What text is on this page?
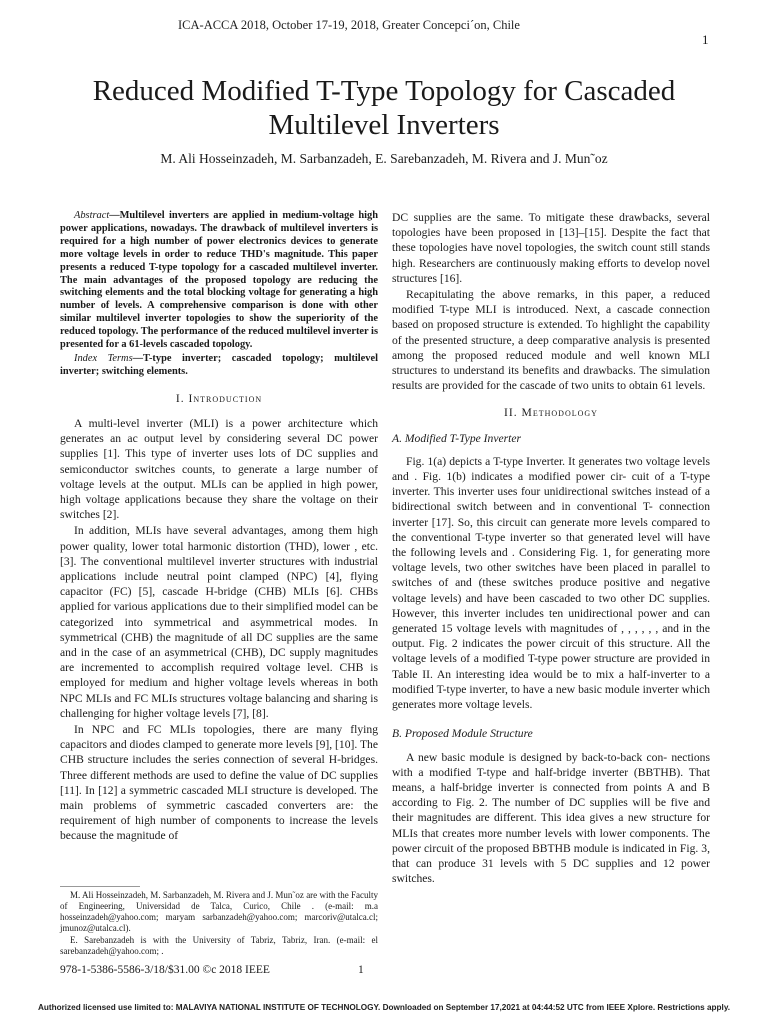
ICA-ACCA 2018, October 17-19, 2018, Greater Concepci´on, Chile
1
Reduced Modified T-Type Topology for Cascaded Multilevel Inverters
M. Ali Hosseinzadeh, M. Sarbanzadeh, E. Sarebanzadeh, M. Rivera and J. Mun˜oz

Abstract—Multilevel inverters are applied in medium-voltage high power applications, nowadays. The drawback of multilevel inverters is required for a high number of power electronics devices to generate more voltage levels in order to reduce THD's magnitude. This paper presents a reduced T-type topology for a cascaded multilevel inverter. The main advantages of the proposed topology are reducing the switching elements and the total blocking voltage for generating a high number of levels. A comprehensive comparison is done with other similar multilevel inverter topologies to show the superiority of the reduced topology. The performance of the reduced multilevel inverter is presented for a 61-levels cascaded topology.

Index Terms—T-type inverter; cascaded topology; multilevel inverter; switching elements.

I. Introduction

A multi-level inverter (MLI) is a power architecture which generates an ac output level by considering several DC power supplies [1]. This type of inverter uses lots of DC supplies and semiconductor switches counts, to generate a large number of voltage levels at the output. MLIs can be applied in high power, high voltage applications because they share the voltage on their switches [2].

In addition, MLIs have several advantages, among them high power quality, lower total harmonic distortion (THD), lower , etc. [3]. The conventional multilevel inverter structures with industrial applications include neutral point clamped (NPC) [4], flying capacitor (FC) [5], cascade H-bridge (CHB) MLIs [6]. CHBs applied for various applications due to their simplified model can be categorized into symmetrical and asymmetrical modes. In symmetrical (CHB) the magnitude of all DC supplies are the same and in the case of an asymmetrical (CHB), DC supply magnitudes are incremented to accomplish required voltage level. CHB is employed for medium and higher voltage levels whereas in both NPC MLIs and FC MLIs structures voltage balancing and sharing is challenging for higher voltage levels [7], [8].

In NPC and FC MLIs topologies, there are many flying capacitors and diodes clamped to generate more levels [9], [10]. The CHB structure includes the series connection of several H-bridges. Three different methods are used to define the value of DC supplies [11]. In [12] a symmetric cascaded MLI structure is developed. The main problems of symmetric cascaded converters are: the requirement of high number of components to increase the levels because the magnitude of

DC supplies are the same. To mitigate these drawbacks, several topologies have been proposed in [13]–[15]. Despite the fact that these topologies have novel topologies, the switch count still stands high. Researchers are continuously making efforts to develop novel structures [16].

Recapitulating the above remarks, in this paper, a reduced modified T-type MLI is introduced. Next, a cascade connection based on proposed structure is extended. To highlight the capability of the presented structure, a deep comparative analysis is presented among the proposed reduced module and well known MLI structures to understand its benefits and drawbacks. The simulation results are provided for the cascade of two units to obtain 61 levels.

II. Methodology
A. Modified T-Type Inverter

Fig. 1(a) depicts a T-type Inverter. It generates two voltage levels and . Fig. 1(b) indicates a modified power cir- cuit of a T-type inverter. This inverter uses four unidirectional switches instead of a bidirectional switch between and in conventional T- connection inverter [17]. So, this circuit can generate more levels compared to the conventional T-type inverter so that generated level will have the following levels and . Considering Fig. 1, for generating more voltage levels, two other switches have been placed in parallel to switches of and (these switches produce positive and negative voltage levels) and have been cascaded to two other DC supplies. However, this inverter includes ten unidirectional power and can generated 15 voltage levels with magnitudes of , , , , , , and in the output. Fig. 2 indicates the power circuit of this structure. All the voltage levels of a modified T-type power structure are provided in Table II. An interesting idea would be to mix a half-inverter to a modified T-type inverter, to have a new basic module inverter which generates more voltage levels.

B. Proposed Module Structure

A new basic module is designed by back-to-back con- nections with a modified T-type and half-bridge inverter (BBTHB). That means, a half-bridge inverter is connected from points A and B according to Fig. 2. The number of DC supplies will be five and their magnitudes are different. This idea gives a new structure for MLIs that creates more number levels with lower components. The power circuit of the proposed BBTHB module is indicated in Fig. 3, that can produce 31 levels with 5 DC supplies and 12 power switches.

M. Ali Hosseinzadeh, M. Sarbanzadeh, M. Rivera and J. Mun˜oz are with the Faculty of Engineering, Universidad de Talca, Curico, Chile . (e-mail: m.a hosseinzadeh@yahoo.com; maryam sarbanzadeh@yahoo.com; marcoriv@utalca.cl; jmunoz@utalca.cl).

E. Sarebanzadeh is with the University of Tabriz, Tabriz, Iran. (e-mail: el sarebanzadeh@yahoo.com; .

978-1-5386-5586-3/18/$31.00 ©c 2018 IEEE	1
Authorized licensed use limited to: MALAVIYA NATIONAL INSTITUTE OF TECHNOLOGY. Downloaded on September 17,2021 at 04:44:52 UTC from IEEE Xplore. Restrictions apply.
